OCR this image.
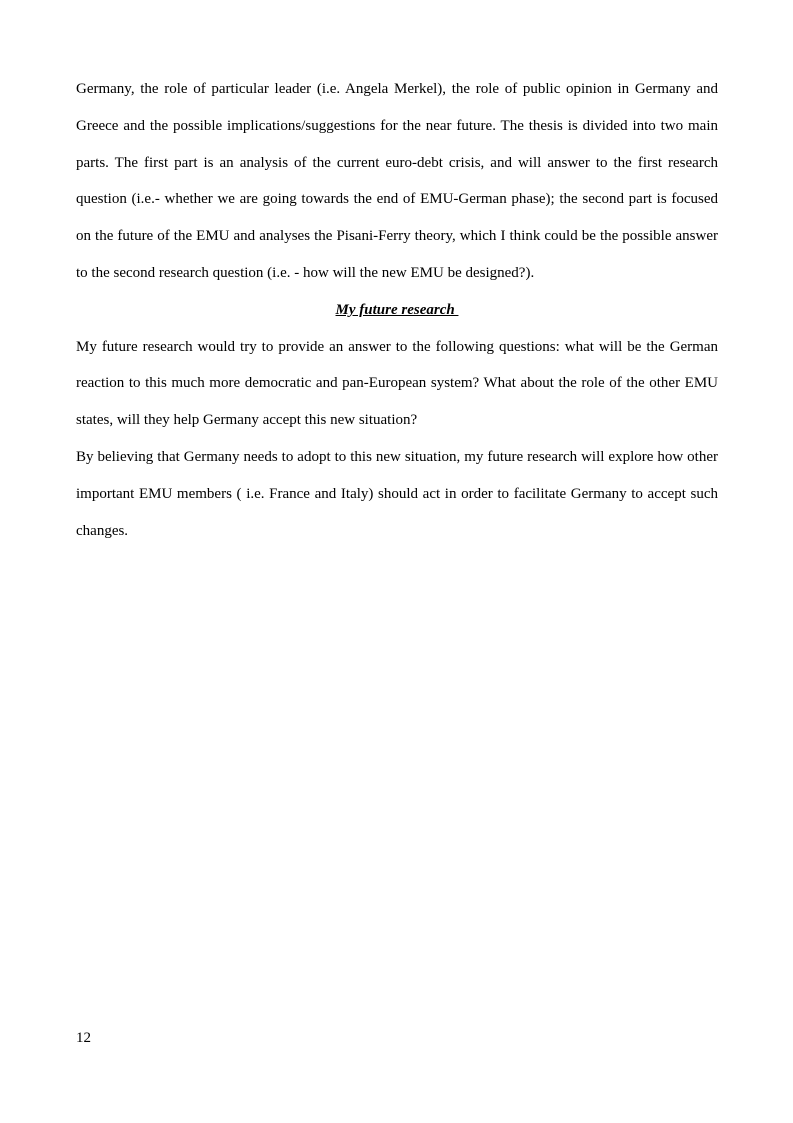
Germany, the role of particular leader (i.e. Angela Merkel), the role of public opinion in Germany and Greece and the possible implications/suggestions for the near future. The thesis is divided into two main parts. The first part is an analysis of the current euro-debt crisis, and will answer to the first research question (i.e.- whether we are going towards the end of EMU-German phase); the second part is focused on the future of the EMU and analyses the Pisani-Ferry theory, which I think could be the possible answer to the second research question (i.e. - how will the new EMU be designed?).

My future research

My future research would try to provide an answer to the following questions: what will be the German reaction to this much more democratic and pan-European system? What about the role of the other EMU states, will they help Germany accept this new situation?

By believing that Germany needs to adopt to this new situation, my future research will explore how other important EMU members ( i.e. France and Italy) should act in order to facilitate Germany to accept such changes.

12
